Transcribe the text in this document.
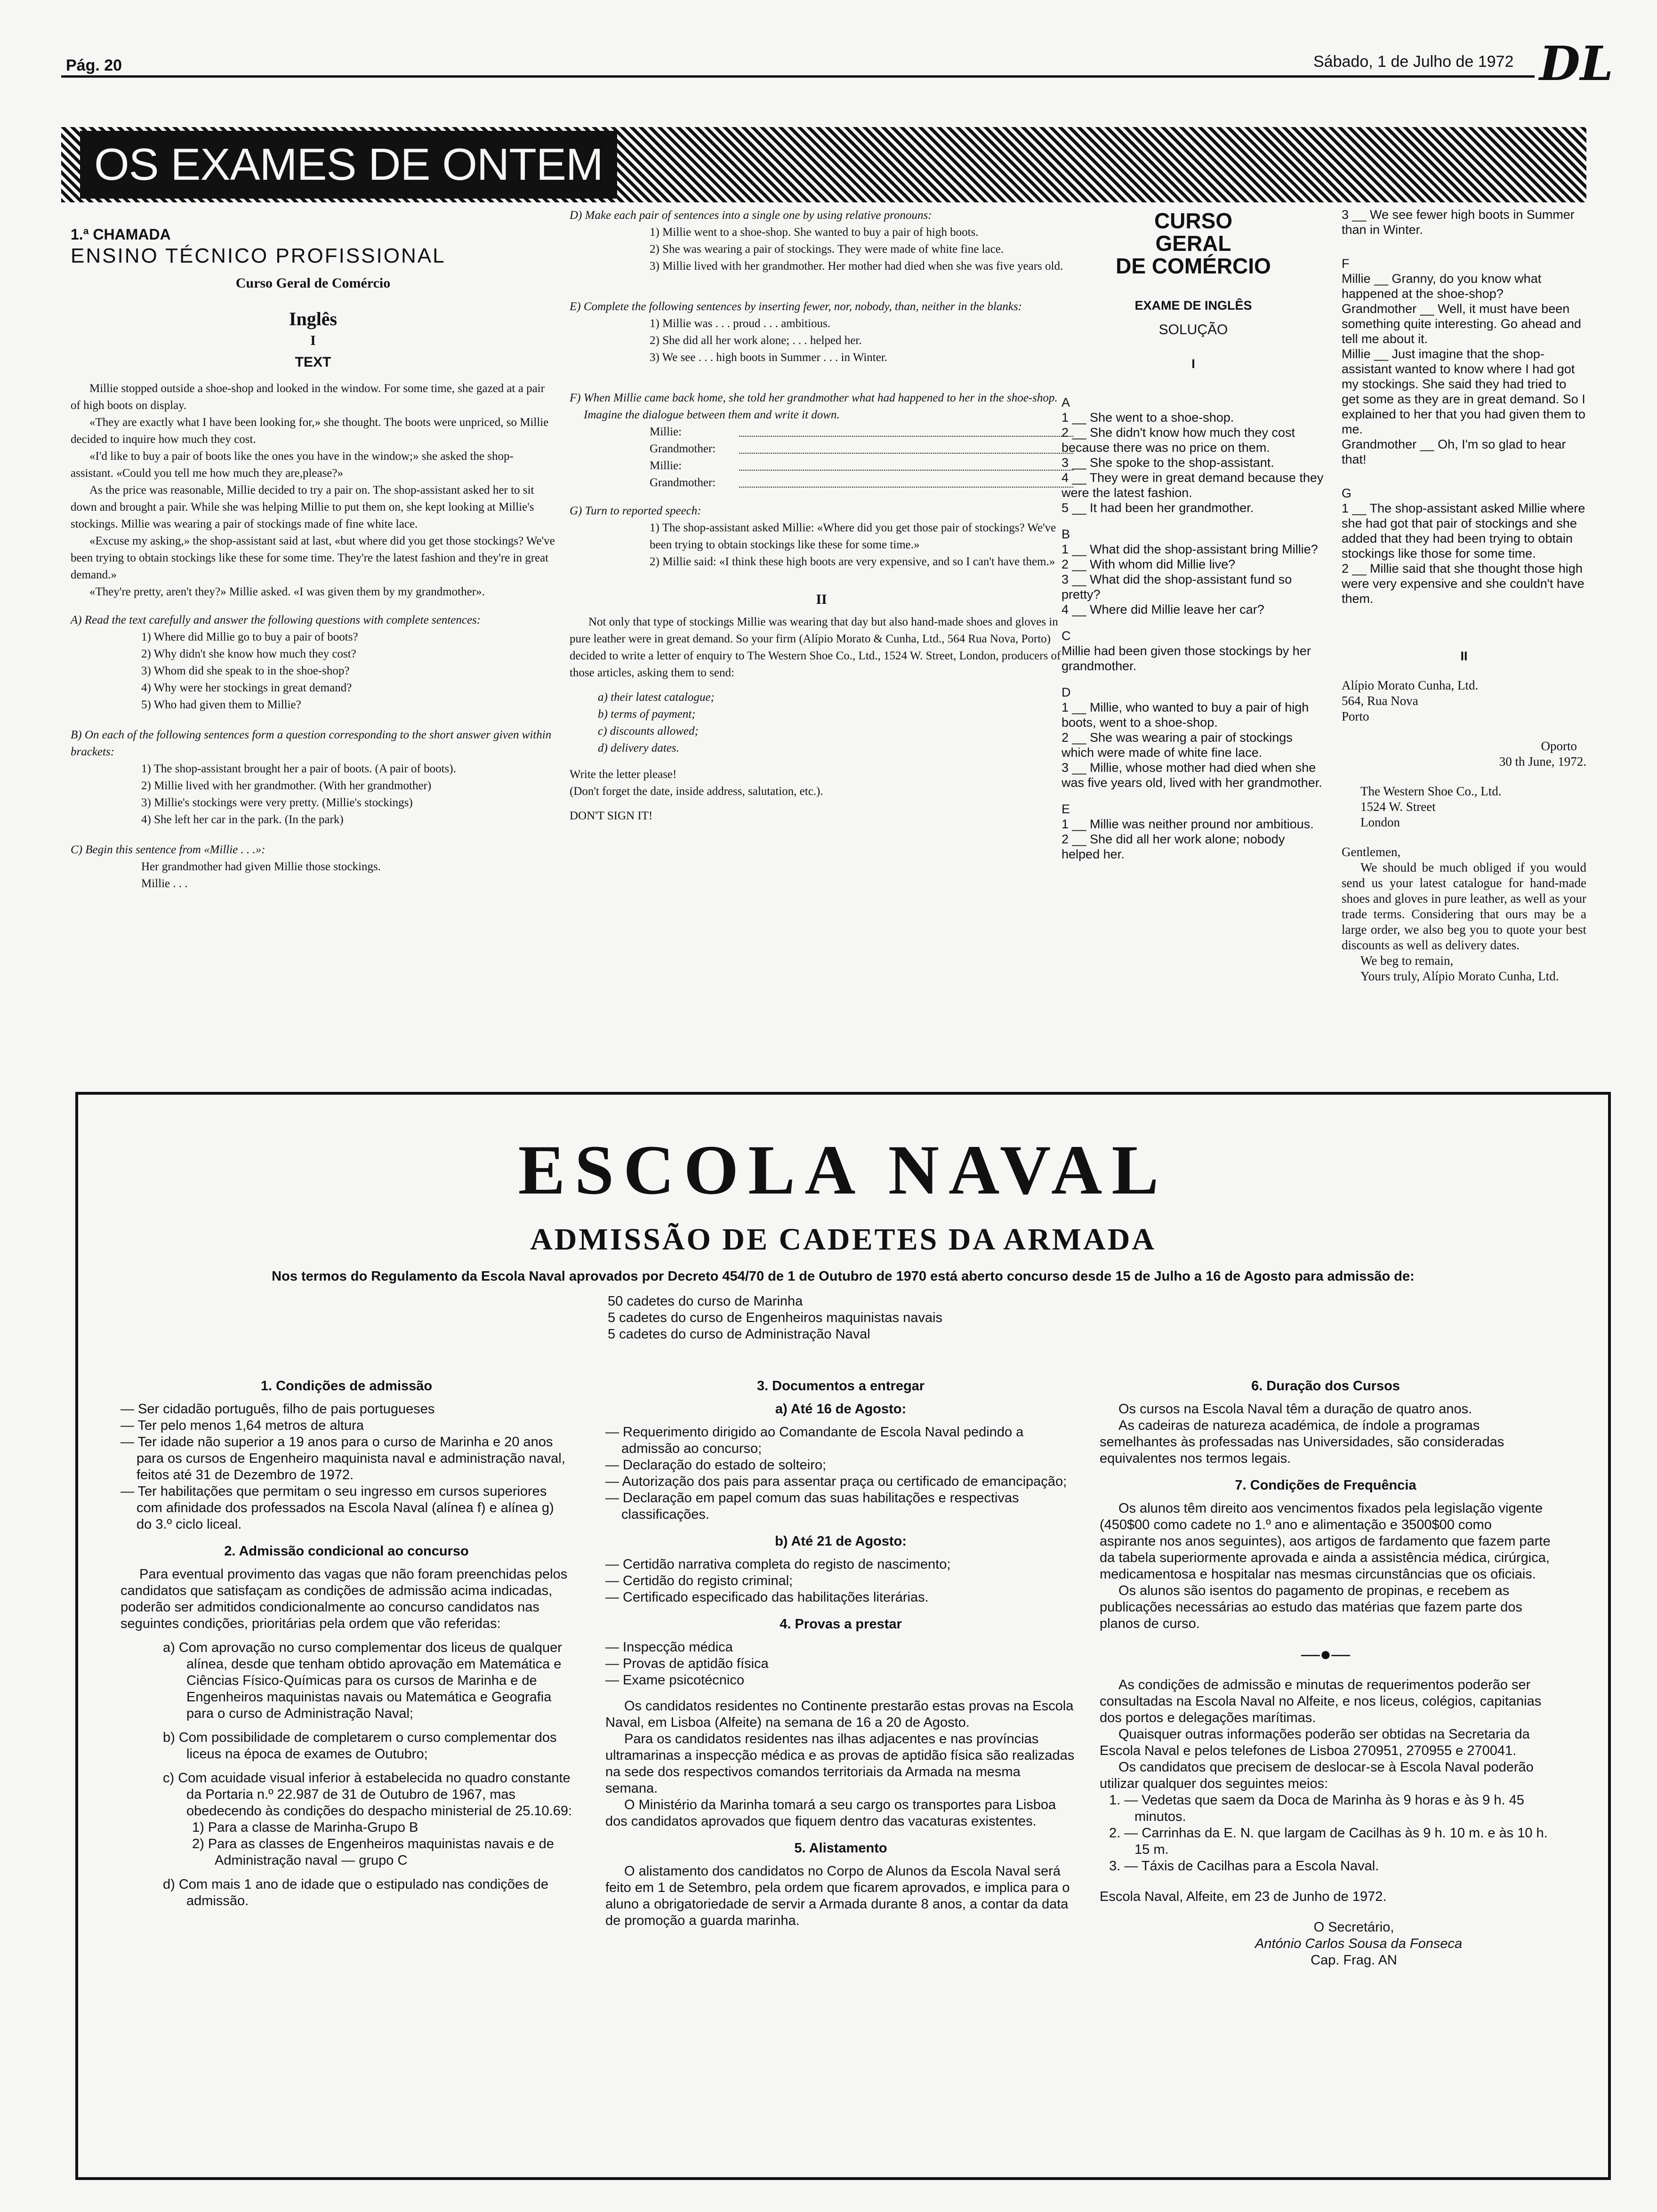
Pág. 20	Sábado, 1 de Julho de 1972 DL
OS EXAMES DE ONTEM
1.ª CHAMADA
ENSINO TÉCNICO PROFISSIONAL
Curso Geral de Comércio
Inglês
I
TEXT

Millie stopped outside a shoe-shop and looked in the window. For some time, she gazed at a pair of high boots on display.

«They are exactly what I have been looking for,» she thought. The boots were unpriced, so Millie decided to inquire how much they cost.

«I'd like to buy a pair of boots like the ones you have in the window;» she asked the shop-assistant. «Could you tell me how much they are,please?»

As the price was reasonable, Millie decided to try a pair on. The shop-assistant asked her to sit down and brought a pair. While she was helping Millie to put them on, she kept looking at Millie's stockings. Millie was wearing a pair of stockings made of fine white lace.

«Excuse my asking,» the shop-assistant said at last, «but where did you get those stockings? We've been trying to obtain stockings like these for some time. They're the latest fashion and they're in great demand.»

«They're pretty, aren't they?» Millie asked. «I was given them by my grandmother».

A) Read the text carefully and answer the following questions with complete sentences:

1) Where did Millie go to buy a pair of boots?
2) Why didn't she know how much they cost?
3) Whom did she speak to in the shoe-shop?
4) Why were her stockings in great demand?
5) Who had given them to Millie?

B) On each of the following sentences form a question corresponding to the short answer given within brackets:

1) The shop-assistant brought her a pair of boots. (A pair of boots).
2) Millie lived with her grandmother. (With her grandmother)
3) Millie's stockings were very pretty. (Millie's stockings)
4) She left her car in the park. (In the park)

C) Begin this sentence from «Millie . . .»:

Her grandmother had given Millie those stockings.
Millie . . .

D) Make each pair of sentences into a single one by using relative pronouns:

1) Millie went to a shoe-shop. She wanted to buy a pair of high boots.
2) She was wearing a pair of stockings. They were made of white fine lace.
3) Millie lived with her grandmother. Her mother had died when she was five years old.

E) Complete the following sentences by inserting fewer, nor, nobody, than, neither in the blanks:

1) Millie was . . . proud . . . ambitious.
2) She did all her work alone; . . . helped her.
3) We see . . . high boots in Summer . . . in Winter.

F) When Millie came back home, she told her grandmother what had happened to her in the shoe-shop.

Imagine the dialogue between them and write it down.

Millie:
Grandmother:
Millie:
Grandmother:

G) Turn to reported speech:

1) The shop-assistant asked Millie: «Where did you get those pair of stockings? We've been trying to obtain stockings like these for some time.»
2) Millie said: «I think these high boots are very expensive, and so I can't have them.»
II

Not only that type of stockings Millie was wearing that day but also hand-made shoes and gloves in pure leather were in great demand. So your firm (Alípio Morato & Cunha, Ltd., 564 Rua Nova, Porto) decided to write a letter of enquiry to The Western Shoe Co., Ltd., 1524 W. Street, London, producers of those articles, asking them to send:

a) their latest catalogue;
b) terms of payment;
c) discounts allowed;
d) delivery dates.

Write the letter please!

(Don't forget the date, inside address, salutation, etc.).

DON'T SIGN IT!

CURSO
GERAL
DE COMÉRCIO
EXAME DE INGLÊS
SOLUÇÃO
I

A

1 __ She went to a shoe-shop.

2 __ She didn't know how much they cost because there was no price on them.

3 __ She spoke to the shop-assistant.

4 __ They were in great demand because they were the latest fashion.

5 __ It had been her grandmother.

B

1 __ What did the shop-assistant bring Millie?

2 __ With whom did Millie live?

3 __ What did the shop-assistant fund so pretty?

4 __ Where did Millie leave her car?

C

Millie had been given those stockings by her grandmother.

D

1 __ Millie, who wanted to buy a pair of high boots, went to a shoe-shop.

2 __ She was wearing a pair of stockings which were made of white fine lace.

3 __ Millie, whose mother had died when she was five years old, lived with her grandmother.

E

1 __ Millie was neither pround nor ambitious.

2 __ She did all her work alone; nobody helped her.

3 __ We see fewer high boots in Summer than in Winter.

F

Millie __ Granny, do you know what happened at the shoe-shop?

Grandmother __ Well, it must have been something quite interesting. Go ahead and tell me about it.

Millie __ Just imagine that the shop-assistant wanted to know where I had got my stockings. She said they had tried to get some as they are in great demand. So I explained to her that you had given them to me.

Grandmother __ Oh, I'm so glad to hear that!

G

1 __ The shop-assistant asked Millie where she had got that pair of stockings and she added that they had been trying to obtain stockings like those for some time.

2 __ Millie said that she thought those high were very expensive and she couldn't have them.

II

Alípio Morato Cunha, Ltd.

564, Rua Nova

Porto

Oporto

30 th June, 1972.

The Western Shoe Co., Ltd.

1524 W. Street

London

Gentlemen,

We should be much obliged if you would send us your latest catalogue for hand-made shoes and gloves in pure leather, as well as your trade terms. Considering that ours may be a large order, we also beg you to quote your best discounts as well as delivery dates.

We beg to remain,

Yours truly, Alípio Morato Cunha, Ltd.

ESCOLA NAVAL
ADMISSÃO DE CADETES DA ARMADA
Nos termos do Regulamento da Escola Naval aprovados por Decreto 454/70 de 1 de Outubro de 1970 está aberto concurso desde 15 de Julho a 16 de Agosto para admissão de:
50 cadetes do curso de Marinha
5 cadetes do curso de Engenheiros maquinistas navais
5 cadetes do curso de Administração Naval
1. Condições de admissão

— Ser cidadão português, filho de pais portugueses

— Ter pelo menos 1,64 metros de altura

— Ter idade não superior a 19 anos para o curso de Marinha e 20 anos para os cursos de Engenheiro maquinista naval e administração naval, feitos até 31 de Dezembro de 1972.

— Ter habilitações que permitam o seu ingresso em cursos superiores com afinidade dos professados na Escola Naval (alínea f) e alínea g) do 3.º ciclo liceal.

2. Admissão condicional ao concurso

Para eventual provimento das vagas que não foram preenchidas pelos candidatos que satisfaçam as condições de admissão acima indicadas, poderão ser admitidos condicionalmente ao concurso candidatos nas seguintes condições, prioritárias pela ordem que vão referidas:

a) Com aprovação no curso complementar dos liceus de qualquer alínea, desde que tenham obtido aprovação em Matemática e Ciências Físico-Químicas para os cursos de Marinha e de Engenheiros maquinistas navais ou Matemática e Geografia para o curso de Administração Naval;

b) Com possibilidade de completarem o curso complementar dos liceus na época de exames de Outubro;

c) Com acuidade visual inferior à estabelecida no quadro constante da Portaria n.º 22.987 de 31 de Outubro de 1967, mas obedecendo às condições do despacho ministerial de 25.10.69:

1) Para a classe de Marinha-Grupo B

2) Para as classes de Engenheiros maquinistas navais e de Administração naval — grupo C

d) Com mais 1 ano de idade que o estipulado nas condições de admissão.

3. Documentos a entregar
a) Até 16 de Agosto:

— Requerimento dirigido ao Comandante de Escola Naval pedindo a admissão ao concurso;

— Declaração do estado de solteiro;

— Autorização dos pais para assentar praça ou certificado de emancipação;

— Declaração em papel comum das suas habilitações e respectivas classificações.

b) Até 21 de Agosto:

— Certidão narrativa completa do registo de nascimento;

— Certidão do registo criminal;

— Certificado especificado das habilitações literárias.

4. Provas a prestar

— Inspecção médica

— Provas de aptidão física

— Exame psicotécnico

Os candidatos residentes no Continente prestarão estas provas na Escola Naval, em Lisboa (Alfeite) na semana de 16 a 20 de Agosto.

Para os candidatos residentes nas ilhas adjacentes e nas províncias ultramarinas a inspecção médica e as provas de aptidão física são realizadas na sede dos respectivos comandos territoriais da Armada na mesma semana.

O Ministério da Marinha tomará a seu cargo os transportes para Lisboa dos candidatos aprovados que fiquem dentro das vacaturas existentes.

5. Alistamento

O alistamento dos candidatos no Corpo de Alunos da Escola Naval será feito em 1 de Setembro, pela ordem que ficarem aprovados, e implica para o aluno a obrigatoriedade de servir a Armada durante 8 anos, a contar da data de promoção a guarda marinha.

6. Duração dos Cursos

Os cursos na Escola Naval têm a duração de quatro anos.

As cadeiras de natureza académica, de índole a programas semelhantes às professadas nas Universidades, são consideradas equivalentes nos termos legais.

7. Condições de Frequência

Os alunos têm direito aos vencimentos fixados pela legislação vigente (450$00 como cadete no 1.º ano e alimentação e 3500$00 como aspirante nos anos seguintes), aos artigos de fardamento que fazem parte da tabela superiormente aprovada e ainda a assistência médica, cirúrgica, medicamentosa e hospitalar nas mesmas circunstâncias que os oficiais.

Os alunos são isentos do pagamento de propinas, e recebem as publicações necessárias ao estudo das matérias que fazem parte dos planos de curso.

—●—

As condições de admissão e minutas de requerimentos poderão ser consultadas na Escola Naval no Alfeite, e nos liceus, colégios, capitanias dos portos e delegações marítimas.

Quaisquer outras informações poderão ser obtidas na Secretaria da Escola Naval e pelos telefones de Lisboa 270951, 270955 e 270041.

Os candidatos que precisem de deslocar-se à Escola Naval poderão utilizar qualquer dos seguintes meios:

1. — Vedetas que saem da Doca de Marinha às 9 horas e às 9 h. 45 minutos.

2. — Carrinhas da E. N. que largam de Cacilhas às 9 h. 10 m. e às 10 h. 15 m.

3. — Táxis de Cacilhas para a Escola Naval.

Escola Naval, Alfeite, em 23 de Junho de 1972.

O Secretário,
António Carlos Sousa da Fonseca
Cap. Frag. AN
